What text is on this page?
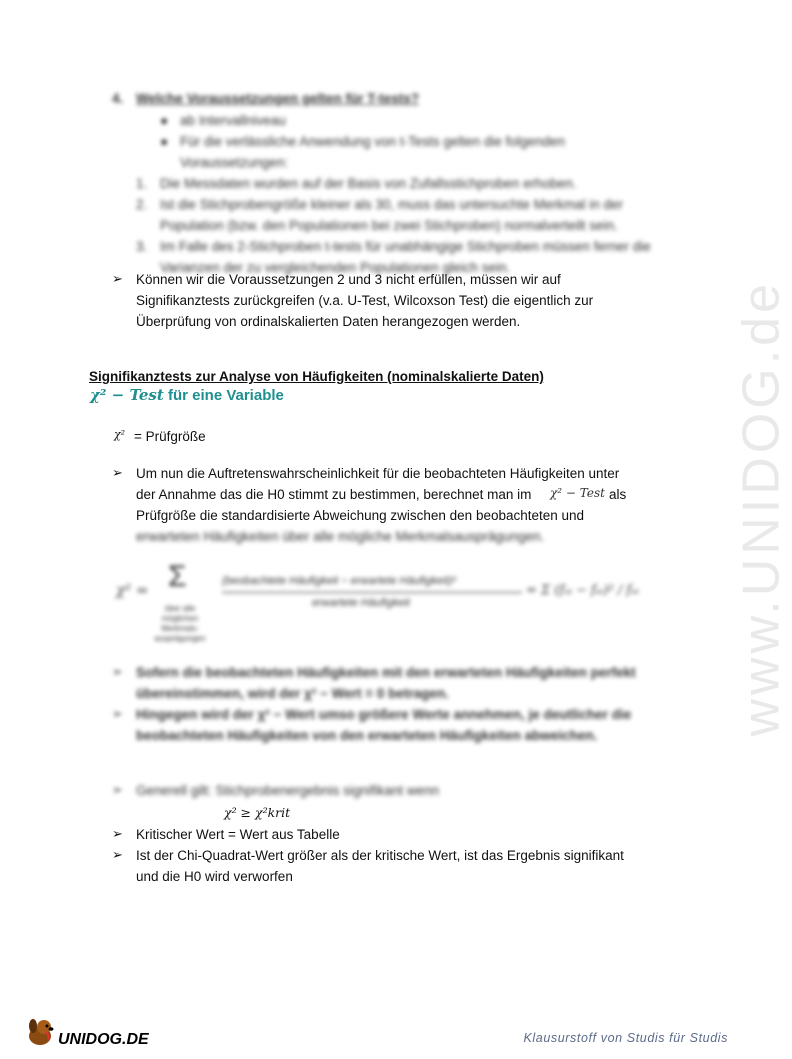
www.UNIDOG.de
4. Welche Voraussetzungen gelten für T-tests?
● ab Intervallniveau
● Für die verlässliche Anwendung von t-Tests gelten die folgenden
Voraussetzungen:
1. Die Messdaten wurden auf der Basis von Zufallsstichproben erhoben.
2. Ist die Stichprobengröße kleiner als 30, muss das untersuchte Merkmal in der
Population (bzw. den Populationen bei zwei Stichproben) normalverteilt sein.
3. Im Falle des 2-Stichproben t-tests für unabhängige Stichproben müssen ferner die
Varianzen der zu vergleichenden Populationen gleich sein.
➢ Können wir die Voraussetzungen 2 und 3 nicht erfüllen, müssen wir auf
Signifikanztests zurückgreifen (v.a. U-Test, Wilcoxson Test) die eigentlich zur
Überprüfung von ordinalskalierten Daten herangezogen werden.
Signifikanztests zur Analyse von Häufigkeiten (nominalskalierte Daten)
χ² − Test für eine Variable
χ² = Prüfgröße
➢ Um nun die Auftretenswahrscheinlichkeit für die beobachteten Häufigkeiten unter
der Annahme das die H0 stimmt zu bestimmen, berechnet man im χ² − Test als
Prüfgröße die standardisierte Abweichung zwischen den beobachteten und
erwarteten Häufigkeiten über alle mögliche Merkmalsausprägungen.
χ² = Σ
über alle möglichen Merkmals-ausprägungen
(beobachtete Häufigkeit − erwartete Häufigkeit)²
erwartete Häufigkeit
= Σ (fₒᵢ − fₑᵢ)² / fₑᵢ
➢ Sofern die beobachteten Häufigkeiten mit den erwarteten Häufigkeiten perfekt
übereinstimmen, wird der χ² − Wert = 0 betragen.
➢ Hingegen wird der χ² − Wert umso größere Werte annehmen, je deutlicher die
beobachteten Häufigkeiten von den erwarteten Häufigkeiten abweichen.
➢ Generell gilt: Stichprobenergebnis signifikant wenn
χ² ≥ χ²krit
➢ Kritischer Wert = Wert aus Tabelle
➢ Ist der Chi-Quadrat-Wert größer als der kritische Wert, ist das Ergebnis signifikant
und die H0 wird verworfen
UNIDOG.DE	Klausurstoff von Studis für Studis
